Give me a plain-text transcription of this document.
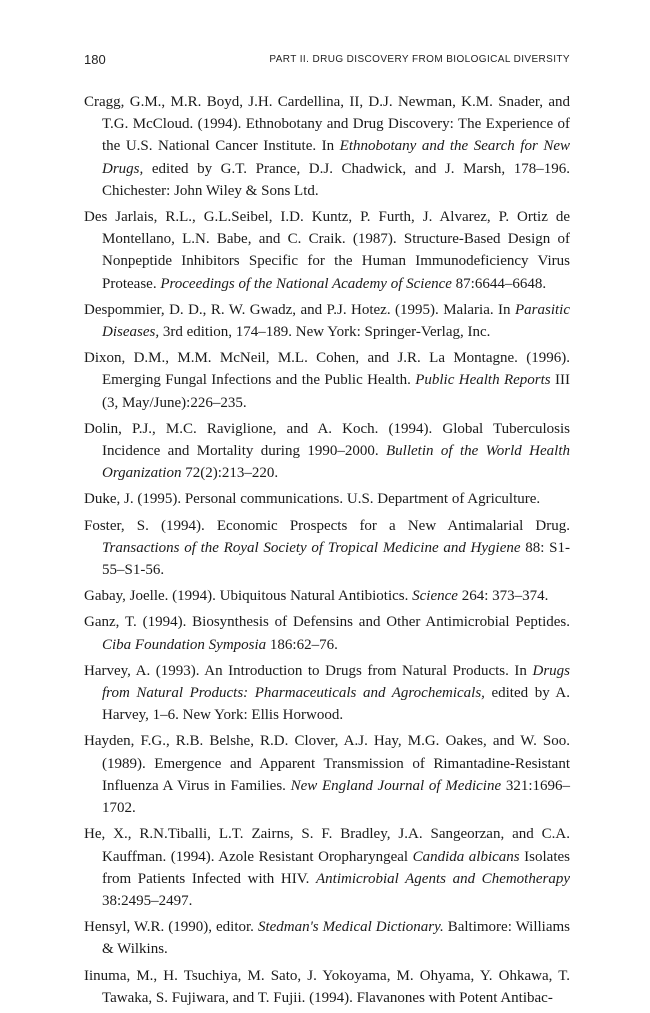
180	PART II. DRUG DISCOVERY FROM BIOLOGICAL DIVERSITY

Cragg, G.M., M.R. Boyd, J.H. Cardellina, II, D.J. Newman, K.M. Snader, and T.G. McCloud. (1994). Ethnobotany and Drug Discovery: The Experience of the U.S. National Cancer Institute. In Ethnobotany and the Search for New Drugs, edited by G.T. Prance, D.J. Chadwick, and J. Marsh, 178–196. Chichester: John Wiley & Sons Ltd.

Des Jarlais, R.L., G.L.Seibel, I.D. Kuntz, P. Furth, J. Alvarez, P. Ortiz de Montellano, L.N. Babe, and C. Craik. (1987). Structure-Based Design of Nonpeptide Inhibitors Specific for the Human Immunodeficiency Virus Protease. Proceedings of the National Academy of Science 87:6644–6648.

Despommier, D. D., R. W. Gwadz, and P.J. Hotez. (1995). Malaria. In Parasitic Diseases, 3rd edition, 174–189. New York: Springer-Verlag, Inc.

Dixon, D.M., M.M. McNeil, M.L. Cohen, and J.R. La Montagne. (1996). Emerging Fungal Infections and the Public Health. Public Health Reports III (3, May/June):226–235.

Dolin, P.J., M.C. Raviglione, and A. Koch. (1994). Global Tuberculosis Incidence and Mortality during 1990–2000. Bulletin of the World Health Organization 72(2):213–220.

Duke, J. (1995). Personal communications. U.S. Department of Agriculture.

Foster, S. (1994). Economic Prospects for a New Antimalarial Drug. Transactions of the Royal Society of Tropical Medicine and Hygiene 88: S1-55–S1-56.

Gabay, Joelle. (1994). Ubiquitous Natural Antibiotics. Science 264: 373–374.

Ganz, T. (1994). Biosynthesis of Defensins and Other Antimicrobial Peptides. Ciba Foundation Symposia 186:62–76.

Harvey, A. (1993). An Introduction to Drugs from Natural Products. In Drugs from Natural Products: Pharmaceuticals and Agrochemicals, edited by A. Harvey, 1–6. New York: Ellis Horwood.

Hayden, F.G., R.B. Belshe, R.D. Clover, A.J. Hay, M.G. Oakes, and W. Soo. (1989). Emergence and Apparent Transmission of Rimantadine-Resistant Influenza A Virus in Families. New England Journal of Medicine 321:1696–1702.

He, X., R.N.Tiballi, L.T. Zairns, S. F. Bradley, J.A. Sangeorzan, and C.A. Kauffman. (1994). Azole Resistant Oropharyngeal Candida albicans Isolates from Patients Infected with HIV. Antimicrobial Agents and Chemotherapy 38:2495–2497.

Hensyl, W.R. (1990), editor. Stedman's Medical Dictionary. Baltimore: Williams & Wilkins.

Iinuma, M., H. Tsuchiya, M. Sato, J. Yokoyama, M. Ohyama, Y. Ohkawa, T. Tawaka, S. Fujiwara, and T. Fujii. (1994). Flavanones with Potent Antibac-
